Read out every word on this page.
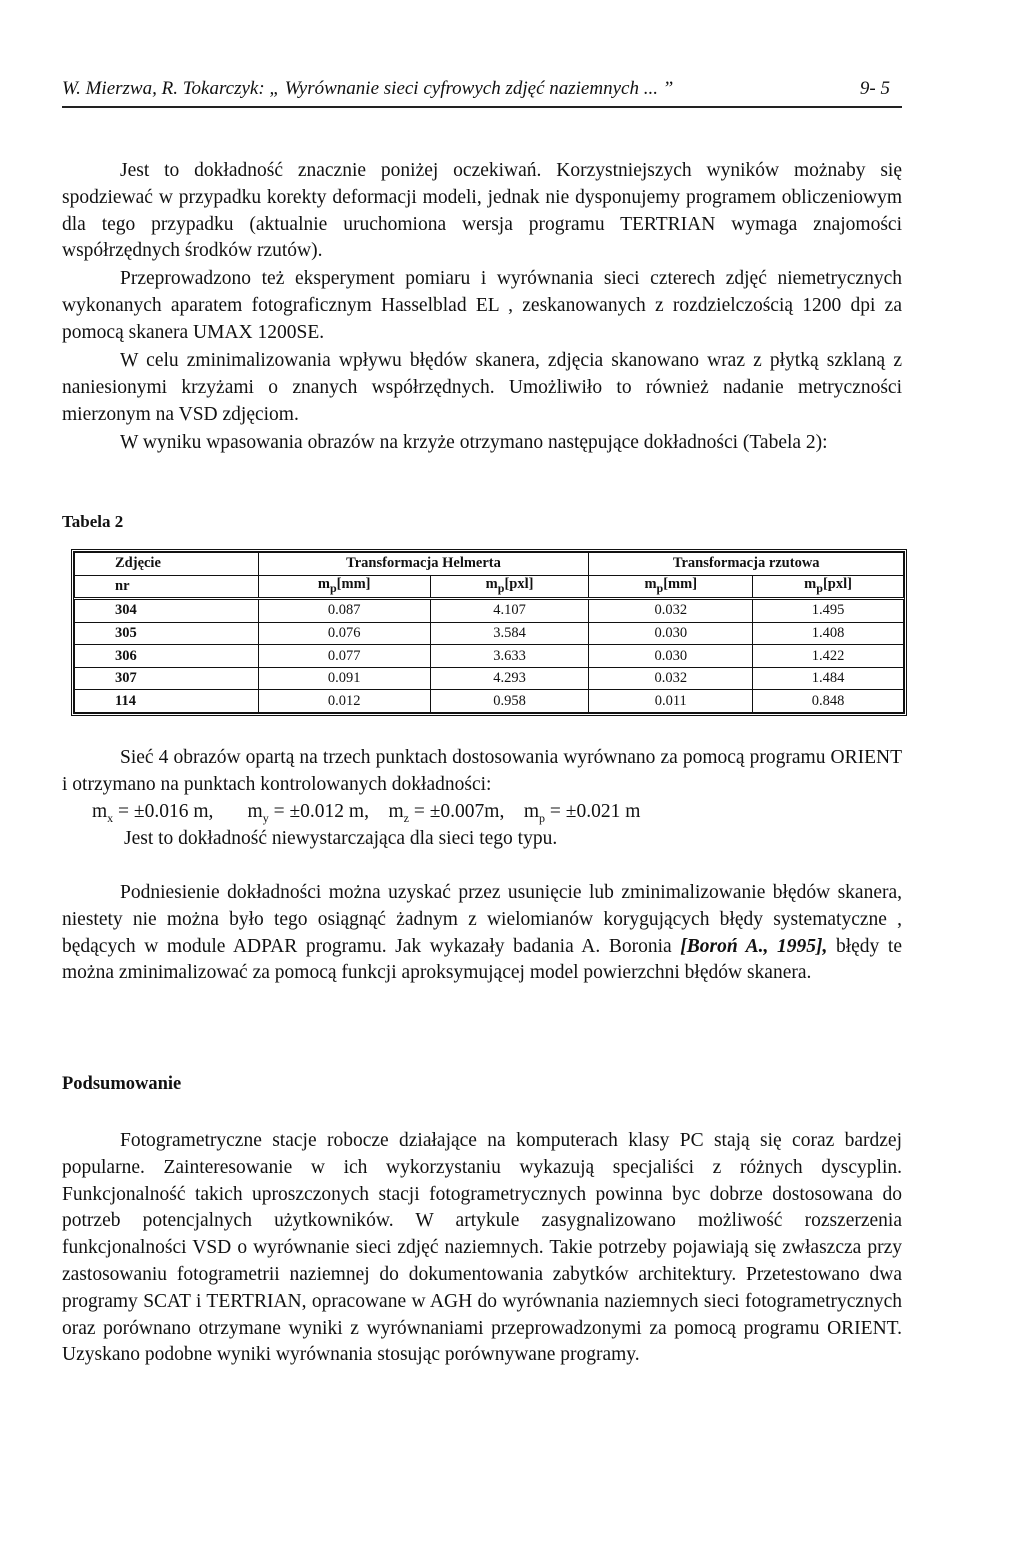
W. Mierzwa, R. Tokarczyk: „ Wyrównanie sieci cyfrowych zdjęć naziemnych ... ”	9- 5

Jest to dokładność znacznie poniżej oczekiwań. Korzystniejszych wyników możnaby się spodziewać w przypadku korekty deformacji modeli, jednak nie dysponujemy programem obliczeniowym dla tego przypadku (aktualnie uruchomiona wersja programu TERTRIAN wymaga znajomości współrzędnych środków rzutów).

Przeprowadzono też eksperyment pomiaru i wyrównania sieci czterech zdjęć niemetrycznych wykonanych aparatem fotograficznym Hasselblad EL , zeskanowanych z rozdzielczością 1200 dpi za pomocą skanera UMAX 1200SE.

W celu zminimalizowania wpływu błędów skanera, zdjęcia skanowano wraz z płytką szklaną z naniesionymi krzyżami o znanych współrzędnych. Umożliwiło to również nadanie metryczności mierzonym na VSD zdjęciom.

W wyniku wpasowania obrazów na krzyże otrzymano następujące dokładności (Tabela 2):

Tabela 2
Zdjęcie	Transformacja Helmerta		Transformacja rzutowa	
nr	$m_p[mm]$	$m_p[pxl]$	$m_p[mm]$	$m_p[pxl]$
304	0.087	4.107	0.032	1.495
305	0.076	3.584	0.030	1.408
306	0.077	3.633	0.030	1.422
307	0.091	4.293	0.032	1.484
114	0.012	0.958	0.011	0.848

Sieć 4 obrazów opartą na trzech punktach dostosowania wyrównano za pomocą programu ORIENT i otrzymano na punktach kontrolowanych dokładności:

$m_x = \pm 0.016$ m, $m_y = \pm 0.012$ m, $m_z = \pm 0.007m$, $m_p = \pm 0.021$ m

Jest to dokładność niewystarczająca dla sieci tego typu.

Podniesienie dokładności można uzyskać przez usunięcie lub zminimalizowanie błędów skanera, niestety nie można było tego osiągnąć żadnym z wielomianów korygujących błędy systematyczne , będących w module ADPAR programu. Jak wykazały badania A. Boronia [Boroń A., 1995], błędy te można zminimalizować za pomocą funkcji aproksymującej model powierzchni błędów skanera.

Podsumowanie

Fotogrametryczne stacje robocze działające na komputerach klasy PC stają się coraz bardzej popularne. Zainteresowanie w ich wykorzystaniu wykazują specjaliści z różnych dyscyplin. Funkcjonalność takich uproszczonych stacji fotogrametrycznych powinna byc dobrze dostosowana do potrzeb potencjalnych użytkowników. W artykule zasygnalizowano możliwość rozszerzenia funkcjonalności VSD o wyrównanie sieci zdjęć naziemnych. Takie potrzeby pojawiają się zwłaszcza przy zastosowaniu fotogrametrii naziemnej do dokumentowania zabytków architektury. Przetestowano dwa programy SCAT i TERTRIAN, opracowane w AGH do wyrównania naziemnych sieci fotogrametrycznych oraz porównano otrzymane wyniki z wyrównaniami przeprowadzonymi za pomocą programu ORIENT. Uzyskano podobne wyniki wyrównania stosując porównywane programy.
